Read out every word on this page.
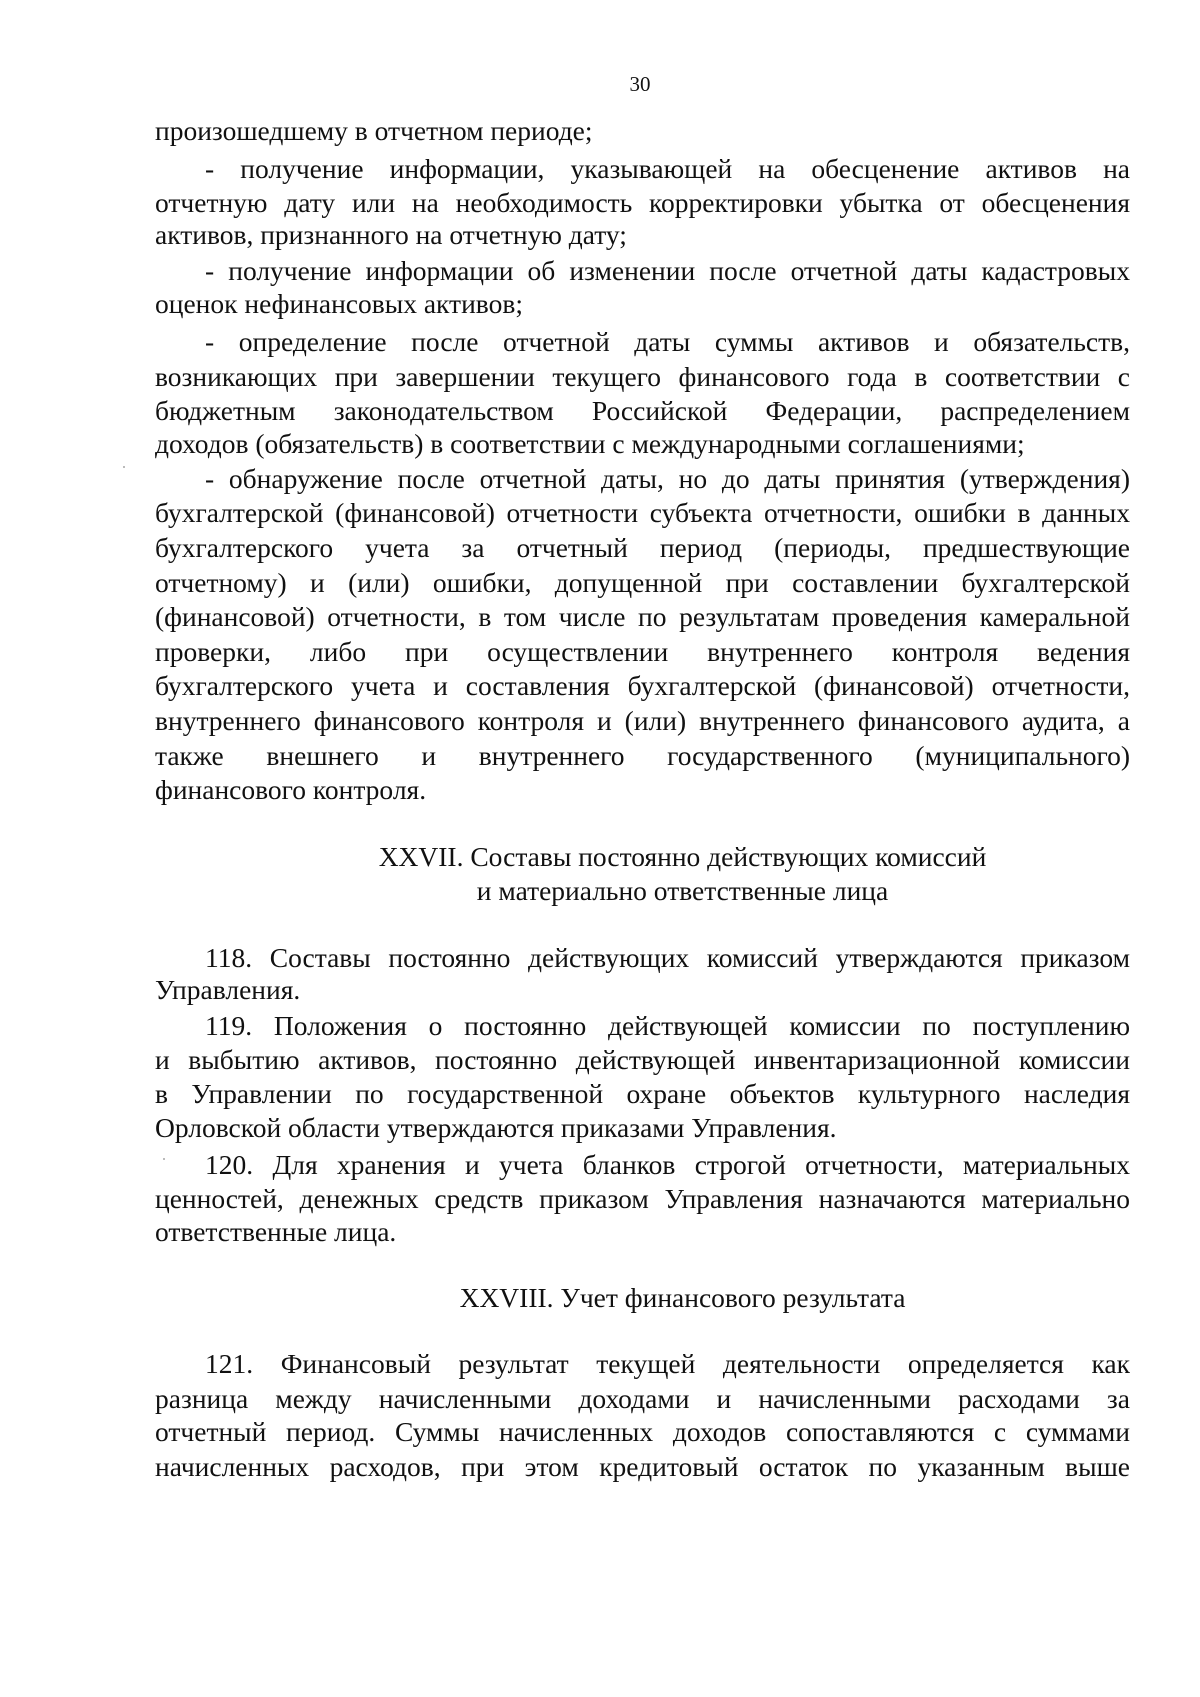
30
произошедшему в отчетном периоде;
- получение информации, указывающей на обесценение активов на
отчетную дату или на необходимость корректировки убытка от обесценения
активов, признанного на отчетную дату;
- получение информации об изменении после отчетной даты кадастровых
оценок нефинансовых активов;
- определение после отчетной даты суммы активов и обязательств,
возникающих при завершении текущего финансового года в соответствии с
бюджетным законодательством Российской Федерации, распределением
доходов (обязательств) в соответствии с международными соглашениями;
- обнаружение после отчетной даты, но до даты принятия (утверждения)
бухгалтерской (финансовой) отчетности субъекта отчетности, ошибки в данных
бухгалтерского учета за отчетный период (периоды, предшествующие
отчетному) и (или) ошибки, допущенной при составлении бухгалтерской
(финансовой) отчетности, в том числе по результатам проведения камеральной
проверки, либо при осуществлении внутреннего контроля ведения
бухгалтерского учета и составления бухгалтерской (финансовой) отчетности,
внутреннего финансового контроля и (или) внутреннего финансового аудита, а
также внешнего и внутреннего государственного (муниципального)
финансового контроля.
XXVII. Составы постоянно действующих комиссий
и материально ответственные лица
118. Составы постоянно действующих комиссий утверждаются приказом
Управления.
119. Положения о постоянно действующей комиссии по поступлению
и выбытию активов, постоянно действующей инвентаризационной комиссии
в Управлении по государственной охране объектов культурного наследия
Орловской области утверждаются приказами Управления.
120. Для хранения и учета бланков строгой отчетности, материальных
ценностей, денежных средств приказом Управления назначаются материально
ответственные лица.
XXVIII. Учет финансового результата
121. Финансовый результат текущей деятельности определяется как
разница между начисленными доходами и начисленными расходами за
отчетный период. Суммы начисленных доходов сопоставляются с суммами
начисленных расходов, при этом кредитовый остаток по указанным выше
